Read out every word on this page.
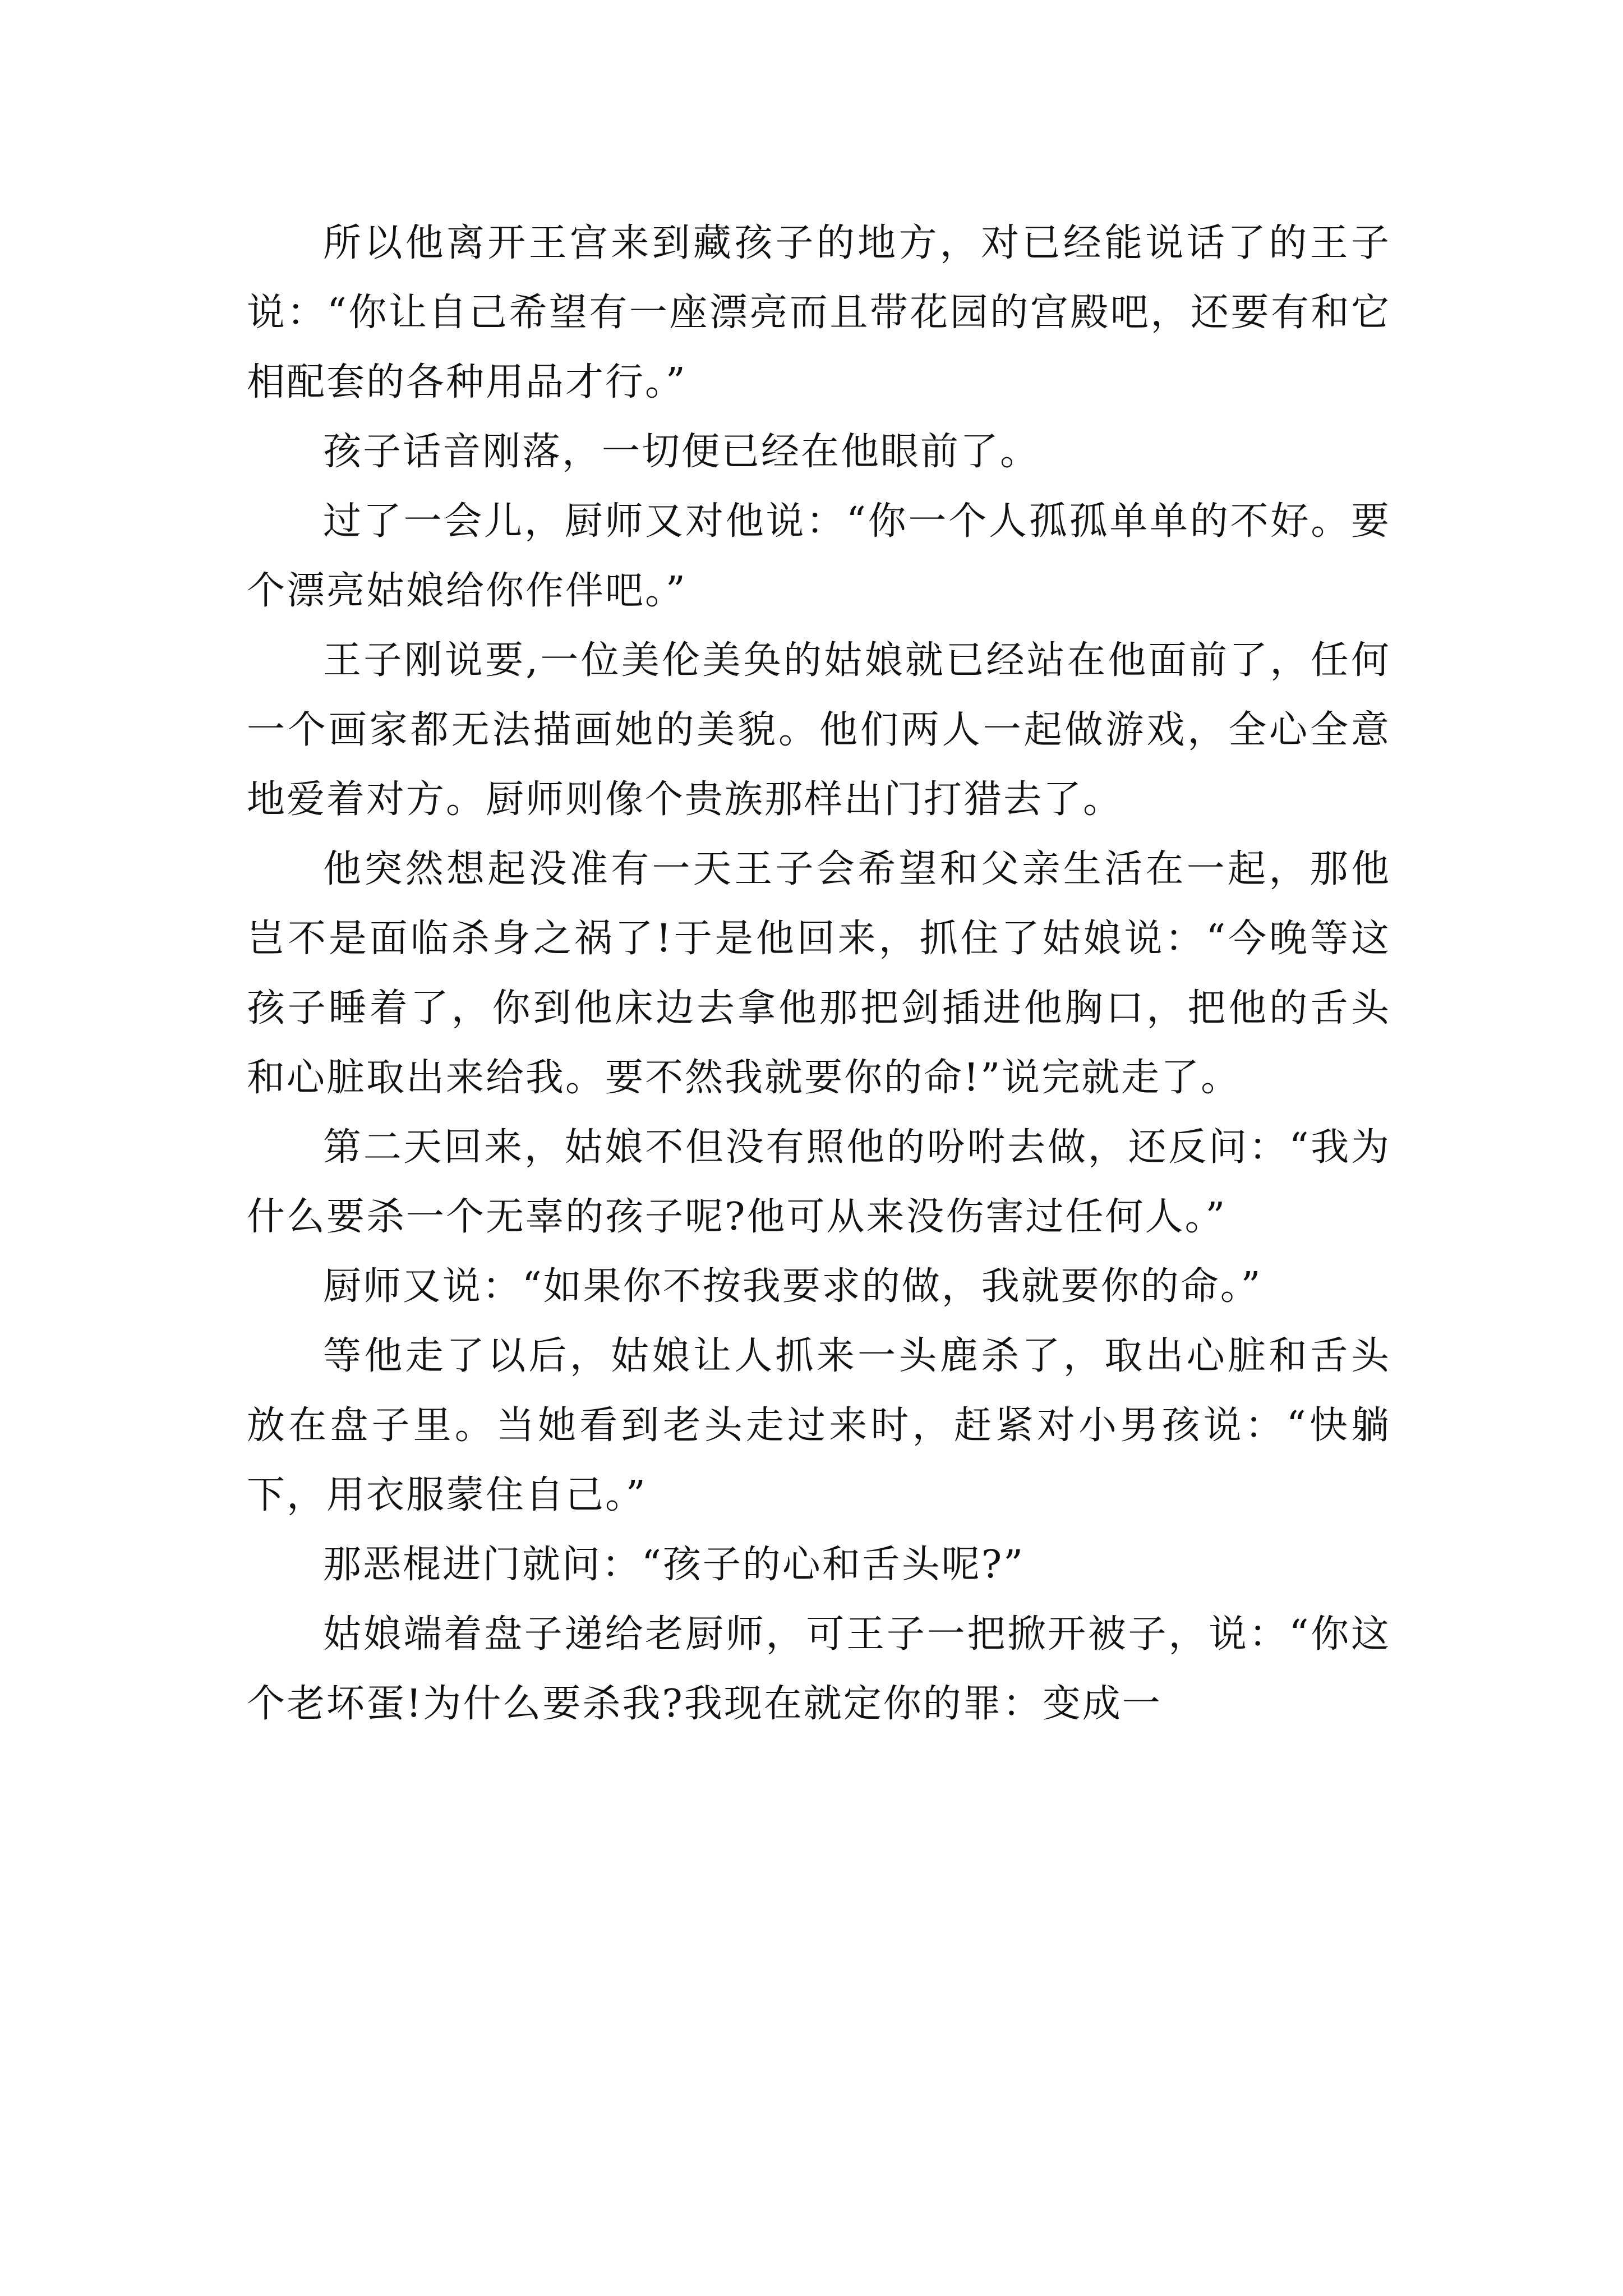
所以他离开王宫来到藏孩子的地方，对已经能说话了的王子说：“你让自己希望有一座漂亮而且带花园的宫殿吧，还要有和它相配套的各种用品才行。”

孩子话音刚落，一切便已经在他眼前了。

过了一会儿，厨师又对他说：“你一个人孤孤单单的不好。要个漂亮姑娘给你作伴吧。”

王子刚说要,一位美伦美奂的姑娘就已经站在他面前了，任何一个画家都无法描画她的美貌。他们两人一起做游戏，全心全意地爱着对方。厨师则像个贵族那样出门打猎去了。

他突然想起没准有一天王子会希望和父亲生活在一起，那他岂不是面临杀身之祸了!于是他回来，抓住了姑娘说：“今晚等这孩子睡着了，你到他床边去拿他那把剑插进他胸口，把他的舌头和心脏取出来给我。要不然我就要你的命!”说完就走了。

第二天回来，姑娘不但没有照他的吩咐去做，还反问：“我为什么要杀一个无辜的孩子呢?他可从来没伤害过任何人。”

厨师又说：“如果你不按我要求的做，我就要你的命。”

等他走了以后，姑娘让人抓来一头鹿杀了，取出心脏和舌头放在盘子里。当她看到老头走过来时，赶紧对小男孩说：“快躺下，用衣服蒙住自己。”

那恶棍进门就问：“孩子的心和舌头呢?”

姑娘端着盘子递给老厨师，可王子一把掀开被子，说：“你这个老坏蛋!为什么要杀我?我现在就定你的罪：变成一
